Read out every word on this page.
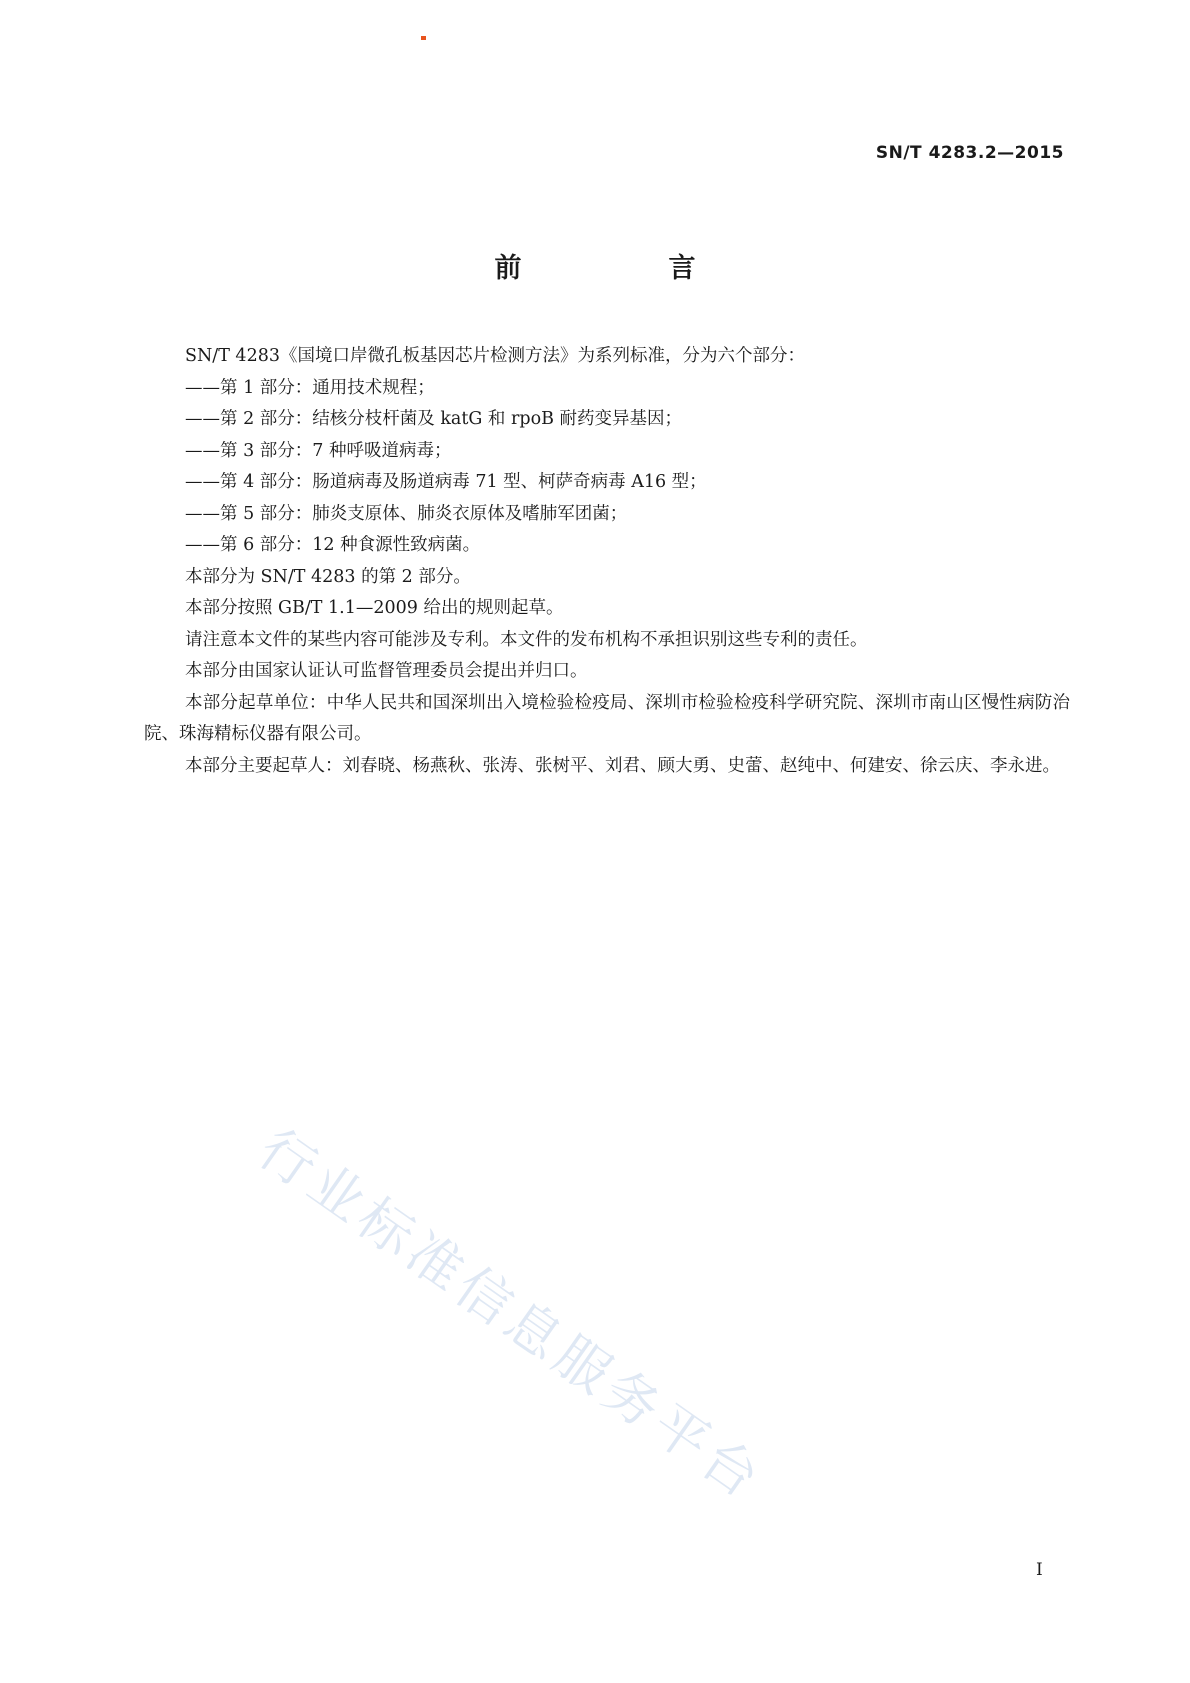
SN/T 4283.2—2015
前　言

SN/T 4283《国境口岸微孔板基因芯片检测方法》为系列标准，分为六个部分：

——第 1 部分：通用技术规程；
——第 2 部分：结核分枝杆菌及 katG 和 rpoB 耐药变异基因；
——第 3 部分：7 种呼吸道病毒；
——第 4 部分：肠道病毒及肠道病毒 71 型、柯萨奇病毒 A16 型；
——第 5 部分：肺炎支原体、肺炎衣原体及嗜肺军团菌；
——第 6 部分：12 种食源性致病菌。

本部分为 SN/T 4283 的第 2 部分。

本部分按照 GB/T 1.1—2009 给出的规则起草。

请注意本文件的某些内容可能涉及专利。本文件的发布机构不承担识别这些专利的责任。

本部分由国家认证认可监督管理委员会提出并归口。

本部分起草单位：中华人民共和国深圳出入境检验检疫局、深圳市检验检疫科学研究院、深圳市南山区慢性病防治院、珠海精标仪器有限公司。

本部分主要起草人：刘春晓、杨燕秋、张涛、张树平、刘君、顾大勇、史蕾、赵纯中、何建安、徐云庆、李永进。

行业标准信息服务平台
I
